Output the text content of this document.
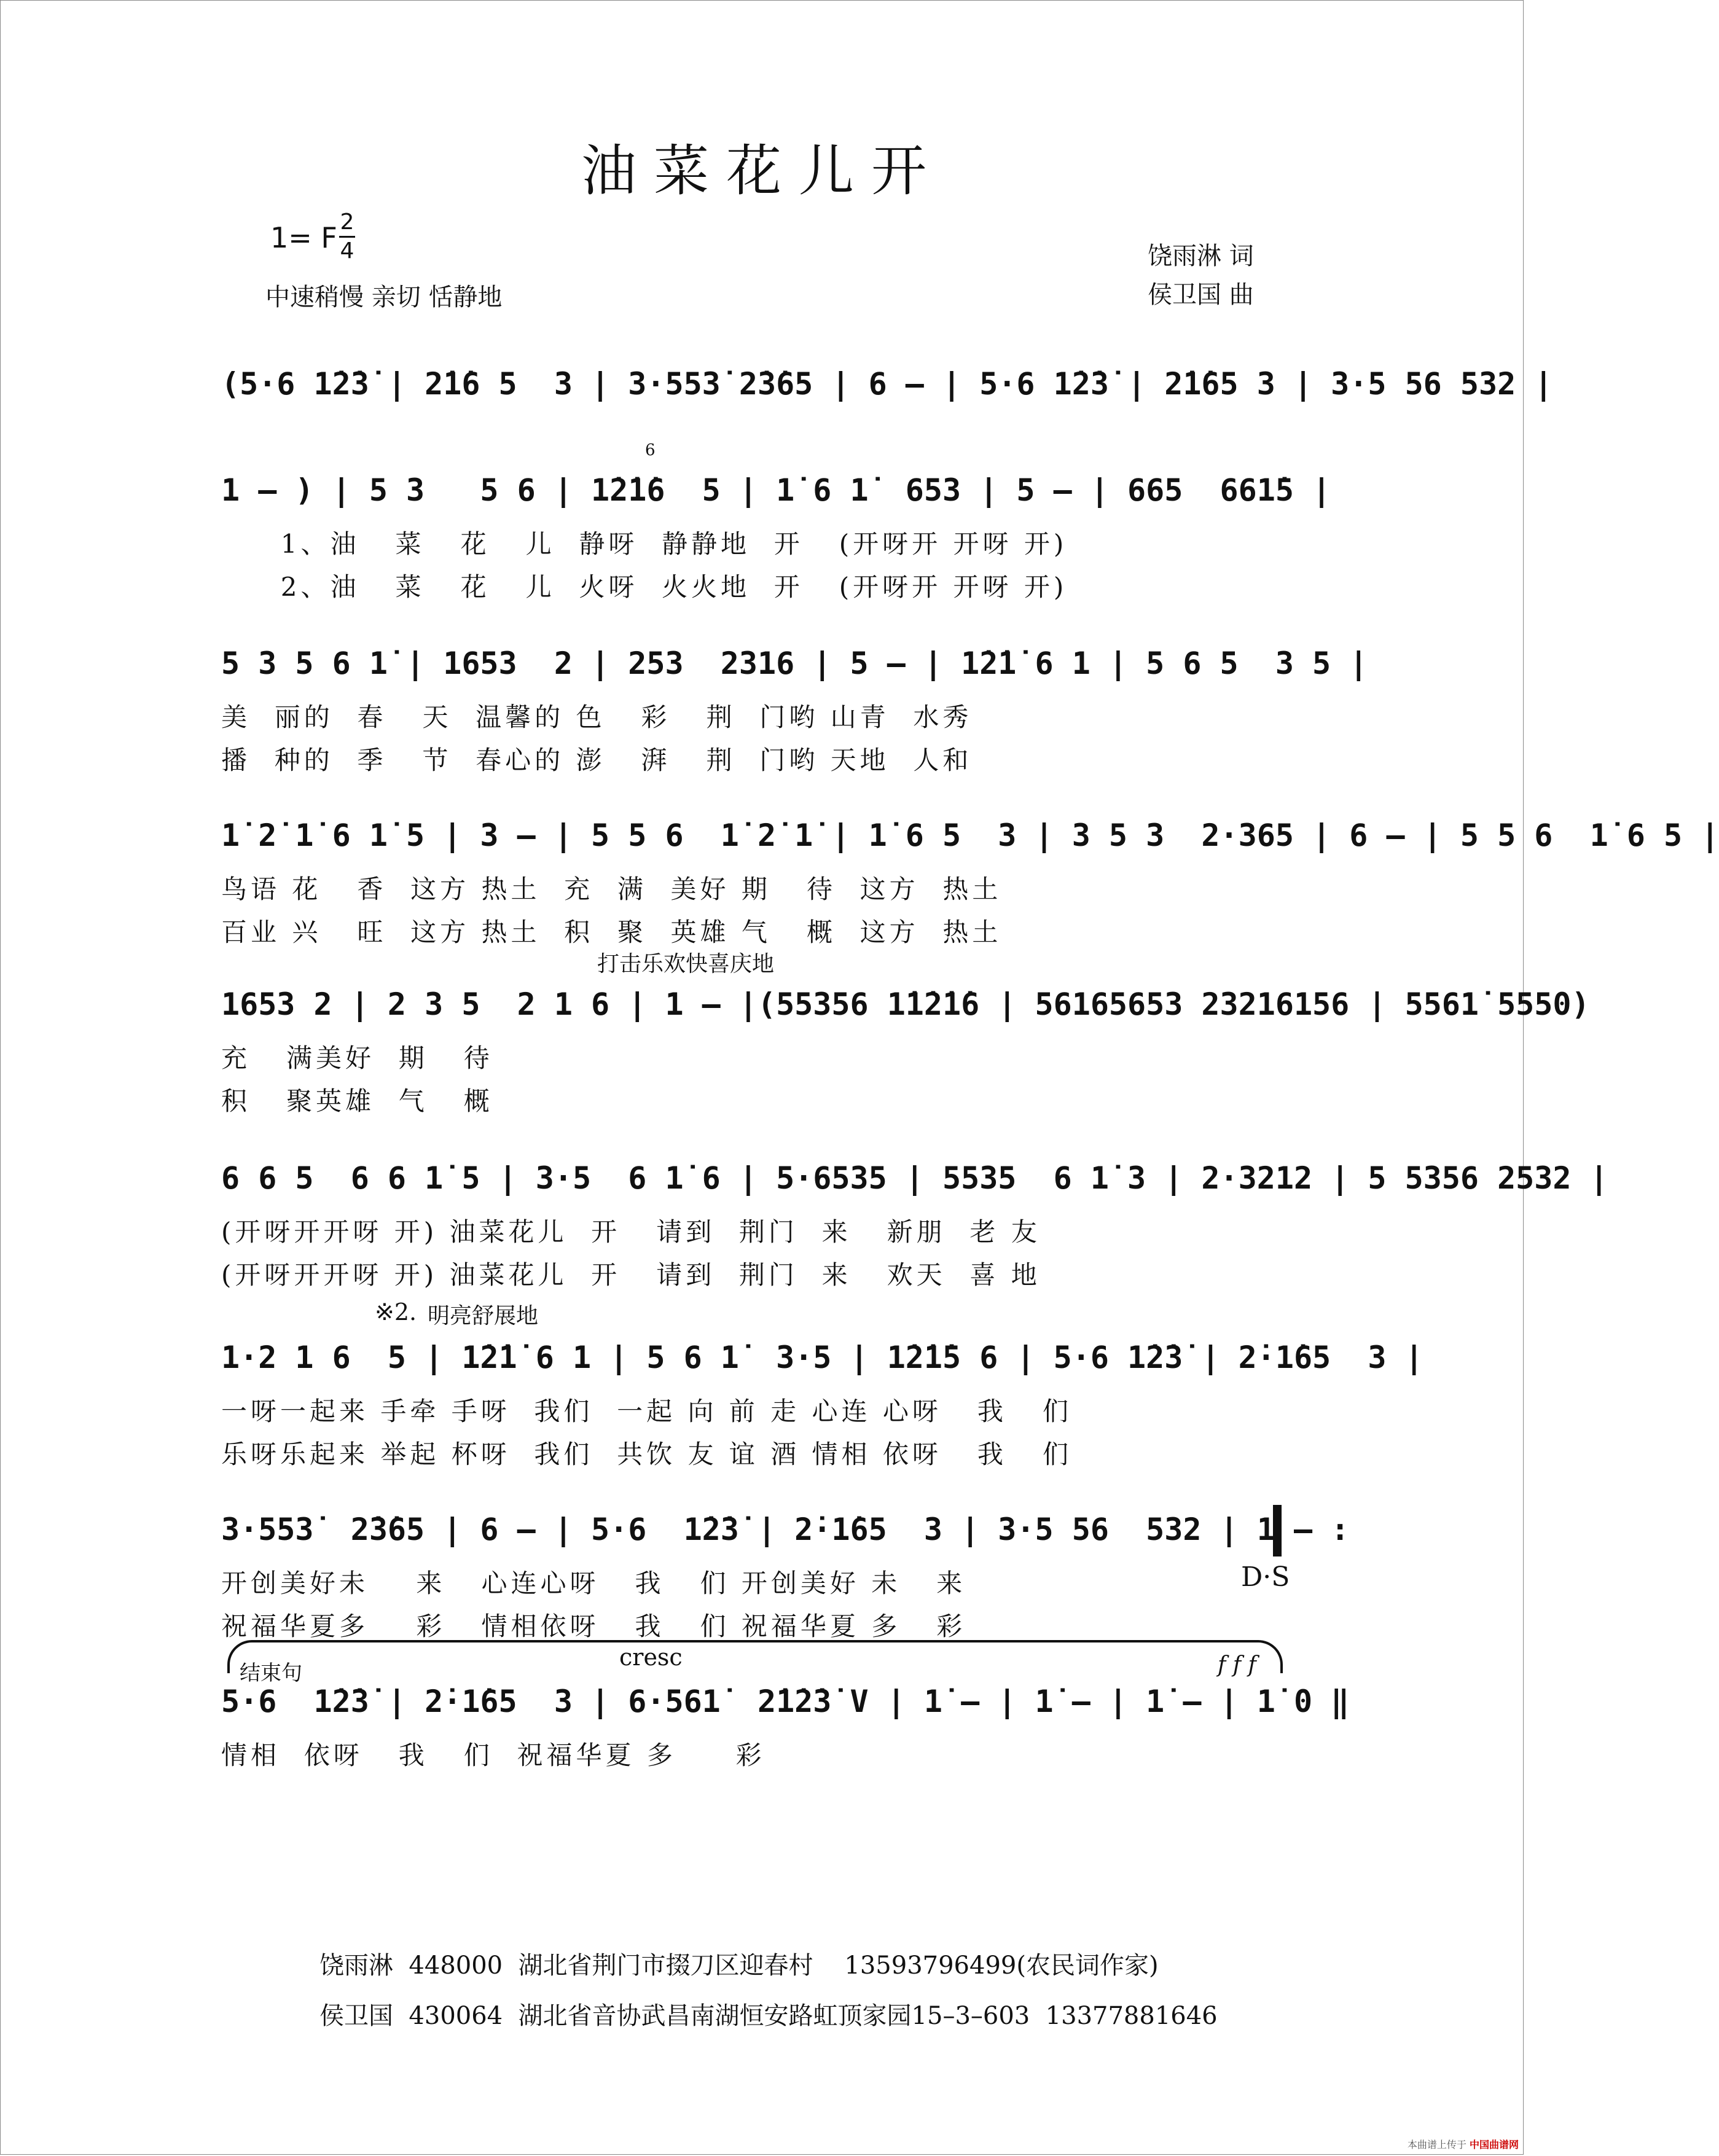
油菜花儿开
1= F 2
4
中速稍慢 亲切 恬静地
饶雨淋 词
侯卫国 曲
(5·6 1̇2̇3̇ | 2̇1̇6 5  3 | 3·553̇ 2̇3̇65 | 6 – | 5·6 1̇2̇3̇ | 2̇1̇65 3 | 3·5 56 532 |
1 – ) | 5 3   5 6 | 1̇2̇1̇6  5 | 1̇ 6 1̇  653 | 5 – | 665  661̇5 |
1、油   菜   花   儿  静呀  静静地  开   (开呀开 开呀 开)
2、油   菜   花   儿  火呀  火火地  开   (开呀开 开呀 开)
6
5 3 5 6 1̇ | 1653  2 | 253  2316 | 5 – | 1̇2̇1̇ 6 1 | 5 6 5  3 5 |
美  丽的  春   天  温馨的 色   彩   荆  门哟 山青  水秀
播  种的  季   节  春心的 澎   湃   荆  门哟 天地  人和
1̇ 2̇ 1̇ 6 1̇ 5 | 3 – | 5 5 6  1̇ 2̇ 1̇ | 1̇ 6 5  3 | 3 5 3  2·365 | 6 – | 5 5 6  1̇ 6 5 |
鸟语 花   香  这方 热土  充  满  美好 期   待  这方  热土
百业 兴   旺  这方 热土  积  聚  英雄 气   概  这方  热土
打击乐欢快喜庆地
1653 2 | 2 3 5  2 1 6 | 1 – |(55356 1̇1̇2̇1̇6 | 56165653 23216156 | 5561̇ 5550)
充   满美好  期   待
积   聚英雄  气   概
6 6 5  6 6 1̇ 5 | 3·5  6 1̇ 6 | 5·6535 | 5535  6 1̇ 3 | 2·3212 | 5 5356 2532 |
(开呀开开呀 开) 油菜花儿  开   请到  荆门  来   新朋  老 友
(开呀开开呀 开) 油菜花儿  开   请到  荆门  来   欢天  喜 地
※2. 明亮舒展地
1·2 1 6  5 | 1̇2̇1̇ 6 1 | 5 6 1̇  3·5 | 1̇2̇1̇5 6 | 5·6 1̇2̇3̇ | 2̇·1̇65  3 |
一呀一起来 手牵 手呀  我们  一起 向 前 走 心连 心呀   我   们
乐呀乐起来 举起 杯呀  我们  共饮 友 谊 酒 情相 依呀   我   们
3·553̇  2̇3̇65 | 6 – | 5·6  1̇2̇3̇ | 2̇·1̇65  3 | 3·5 56  532 | 1 – :
开创美好未    来   心连心呀   我   们 开创美好 未   来
祝福华夏多    彩   情相依呀   我   们 祝福华夏 多   彩
D·S
结束句
cresc	f f f
5·6  1̇2̇3̇ | 2̇·1̇65  3 | 6·561̇  2̇1̇2̇3̇ V | 1̇ – | 1̇ – | 1̇ – | 1̇ 0 ‖
情相  依呀   我   们  祝福华夏 多     彩
饶雨淋  448000  湖北省荆门市掇刀区迎春村    13593796499(农民词作家)
侯卫国  430064  湖北省音协武昌南湖恒安路虹顶家园15–3–603  13377881646
本曲谱上传于 中国曲谱网
